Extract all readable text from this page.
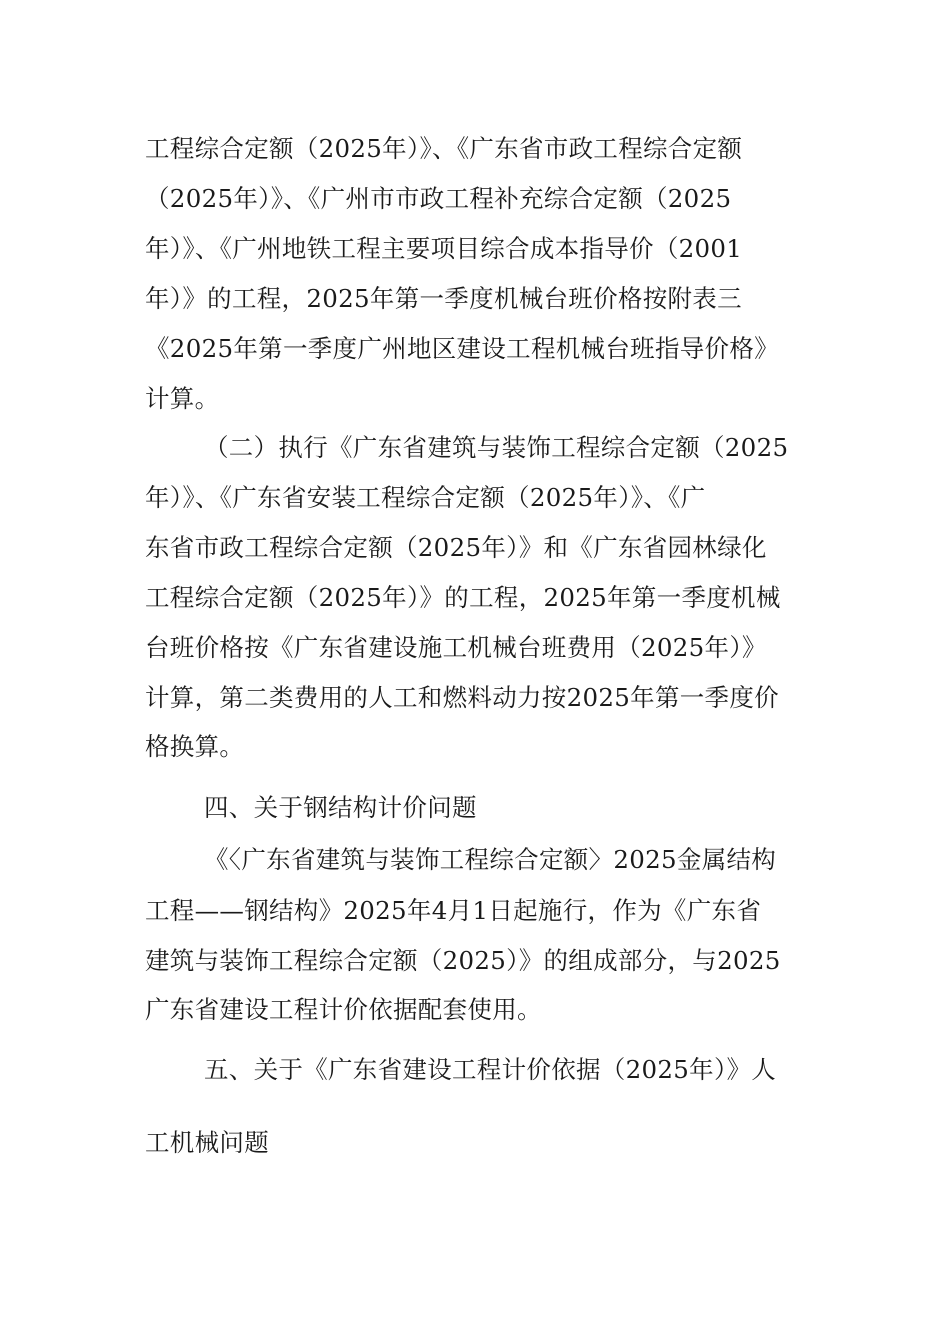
工程综合定额（2025年）》、《广东省市政工程综合定额

（2025年）》、《广州市市政工程补充综合定额（2025

年）》、《广州地铁工程主要项目综合成本指导价（2001

年）》的工程，2025年第一季度机械台班价格按附表三

《2025年第一季度广州地区建设工程机械台班指导价格》

计算。

（二）执行《广东省建筑与装饰工程综合定额（2025

年）》、《广东省安装工程综合定额（2025年）》、《广

东省市政工程综合定额（2025年）》和《广东省园林绿化

工程综合定额（2025年）》的工程，2025年第一季度机械

台班价格按《广东省建设施工机械台班费用（2025年）》

计算，第二类费用的人工和燃料动力按2025年第一季度价

格换算。

四、关于钢结构计价问题

《〈广东省建筑与装饰工程综合定额〉2025金属结构

工程——钢结构》2025年4月1日起施行，作为《广东省

建筑与装饰工程综合定额（2025）》的组成部分，与2025

广东省建设工程计价依据配套使用。

五、关于《广东省建设工程计价依据（2025年）》人

工机械问题
